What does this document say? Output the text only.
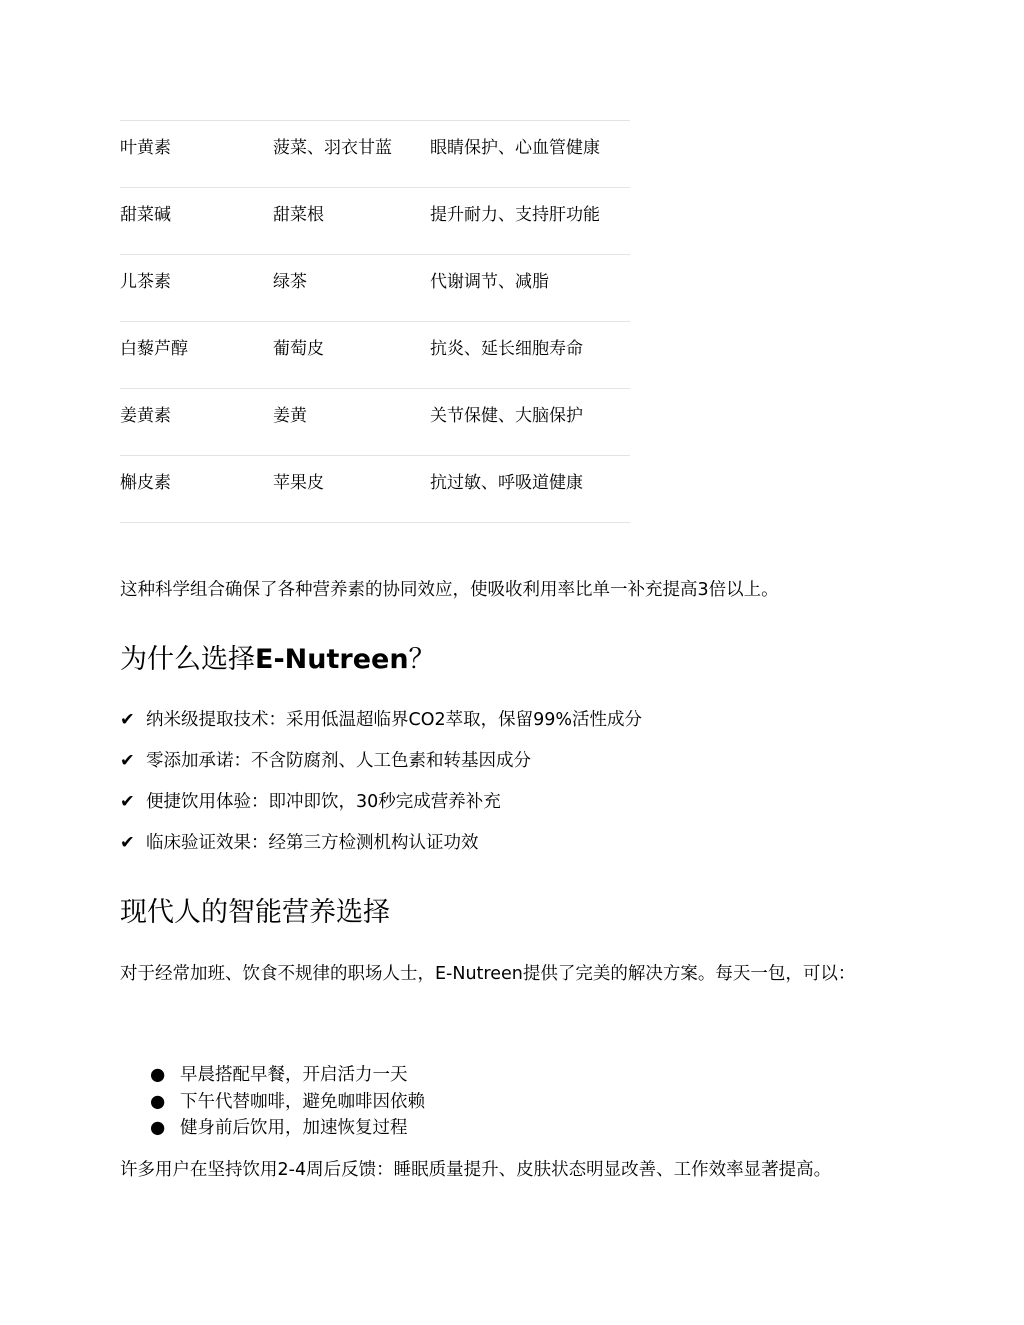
叶黄素	菠菜、羽衣甘蓝	眼睛保护、心血管健康
甜菜碱	甜菜根	提升耐力、支持肝功能
儿茶素	绿茶	代谢调节、减脂
白藜芦醇	葡萄皮	抗炎、延长细胞寿命
姜黄素	姜黄	关节保健、大脑保护
槲皮素	苹果皮	抗过敏、呼吸道健康
这种科学组合确保了各种营养素的协同效应，使吸收利用率比单一补充提高3倍以上。
为什么选择E-Nutreen？
✔ 纳米级提取技术：采用低温超临界CO2萃取，保留99%活性成分
✔ 零添加承诺：不含防腐剂、人工色素和转基因成分
✔ 便捷饮用体验：即冲即饮，30秒完成营养补充
✔ 临床验证效果：经第三方检测机构认证功效
现代人的智能营养选择
对于经常加班、饮食不规律的职场人士，E-Nutreen提供了完美的解决方案。每天一包，可以：
● 早晨搭配早餐，开启活力一天
● 下午代替咖啡，避免咖啡因依赖
● 健身前后饮用，加速恢复过程
许多用户在坚持饮用2-4周后反馈：睡眠质量提升、皮肤状态明显改善、工作效率显著提高。
